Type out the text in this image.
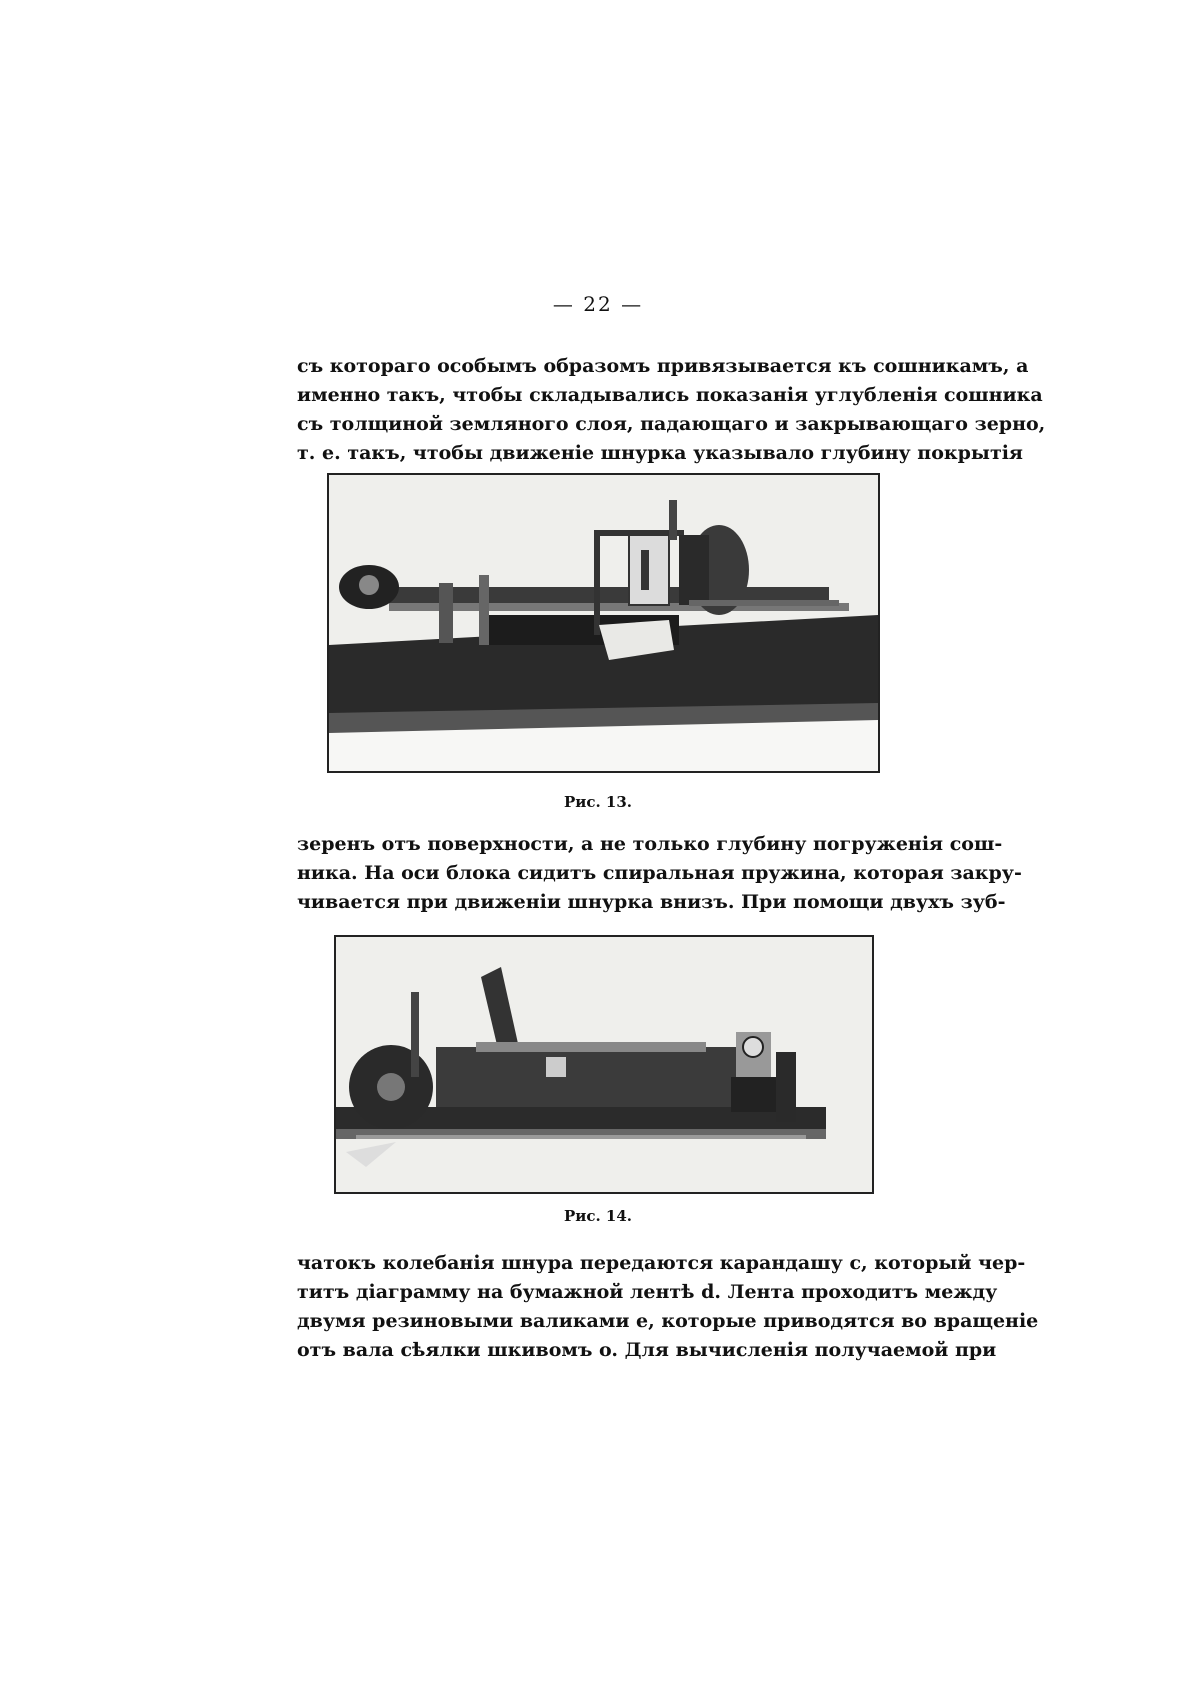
— 22 —
съ котораго особымъ образомъ привязывается къ сошникамъ, а
именно такъ, чтобы складывались показанія углубленія сошника
съ толщиной земляного слоя, падающаго и закрывающаго зерно,
т. е. такъ, чтобы движеніе шнурка указывало глубину покрытія
Рис. 13.
зеренъ отъ поверхности, а не только глубину погруженія сош-
ника. На оси блока сидитъ спиральная пружина, которая закру-
чивается при движеніи шнурка внизъ. При помощи двухъ зуб-
Рис. 14.
чатокъ колебанія шнура передаются карандашу c, который чер-
титъ діаграмму на бумажной лентѣ d. Лента проходитъ между
двумя резиновыми валиками e, которые приводятся во вращеніе
отъ вала сѣялки шкивомъ o. Для вычисленія получаемой при
